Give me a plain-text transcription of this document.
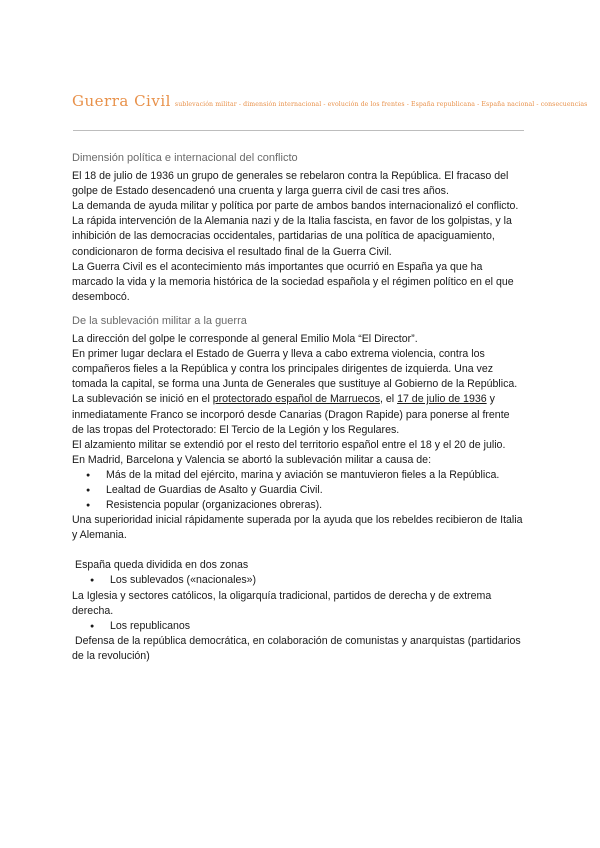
Guerra Civil sublevación militar - dimensión internacional - evolución de los frentes - España republicana - España nacional - consecuencias
Dimensión política e internacional del conflicto

El 18 de julio de 1936 un grupo de generales se rebelaron contra la República. El fracaso del golpe de Estado desencadenó una cruenta y larga guerra civil de casi tres años.

La demanda de ayuda militar y política por parte de ambos bandos internacionalizó el conflicto.

La rápida intervención de la Alemania nazi y de la Italia fascista, en favor de los golpistas, y la inhibición de las democracias occidentales, partidarias de una política de apaciguamiento, condicionaron de forma decisiva el resultado final de la Guerra Civil.

La Guerra Civil es el acontecimiento más importantes que ocurrió en España ya que ha marcado la vida y la memoria histórica de la sociedad española y el régimen político en el que desembocó.

De la sublevación militar a la guerra

La dirección del golpe le corresponde al general Emilio Mola “El Director”.

En primer lugar declara el Estado de Guerra y lleva a cabo extrema violencia, contra los compañeros fieles a la República y contra los principales dirigentes de izquierda. Una vez tomada la capital, se forma una Junta de Generales que sustituye al Gobierno de la República.

La sublevación se inició en el protectorado español de Marruecos, el 17 de julio de 1936 y inmediatamente Franco se incorporó desde Canarias (Dragon Rapide) para ponerse al frente de las tropas del Protectorado: El Tercio de la Legión y los Regulares.

El alzamiento militar se extendió por el resto del territorio español entre el 18 y el 20 de julio.

En Madrid, Barcelona y Valencia se abortó la sublevación militar a causa de:

● Más de la mitad del ejército, marina y aviación se mantuvieron fieles a la República.
● Lealtad de Guardias de Asalto y Guardia Civil.
● Resistencia popular (organizaciones obreras).

Una superioridad inicial rápidamente superada por la ayuda que los rebeldes recibieron de Italia y Alemania.

España queda dividida en dos zonas

● Los sublevados («nacionales»)

La Iglesia y sectores católicos, la oligarquía tradicional, partidos de derecha y de extrema derecha.

● Los republicanos

Defensa de la república democrática, en colaboración de comunistas y anarquistas (partidarios de la revolución)
